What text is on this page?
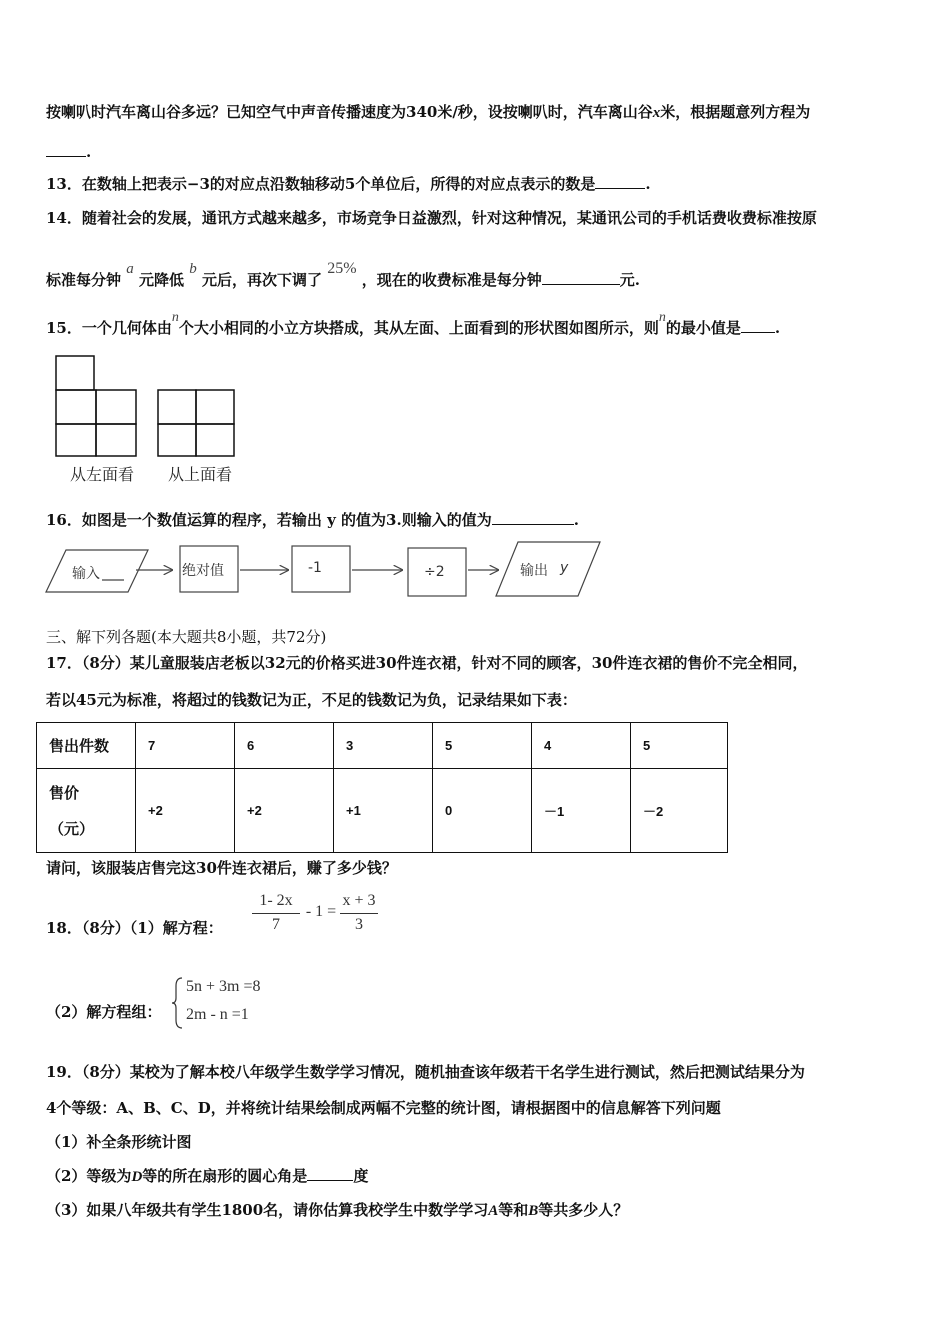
按喇叭时汽车离山谷多远？已知空气中声音传播速度为340米/秒，设按喇叭时，汽车离山谷x米，根据题意列方程为
.
13．在数轴上把表示−3的对应点沿数轴移动5个单位后，所得的对应点表示的数是	.
14．随着社会的发展，通讯方式越来越多，市场竞争日益激烈，针对这种情况，某通讯公司的手机话费收费标准按原
标准每分钟 a 元降低 b 元后，再次下调了 25% ，现在的收费标准是每分钟	元.
15．一个几何体由n个大小相同的小立方块搭成，其从左面、上面看到的形状图如图所示，则n的最小值是 .
从左面看 从上面看
16．如图是一个数值运算的程序，若输出 y 的值为3.则输入的值为	.
输入	绝对值	-1	÷2	输出 y
三、解下列各题(本大题共8小题，共72分)
17．（8分）某儿童服装店老板以32元的价格买进30件连衣裙，针对不同的顾客，30件连衣裙的售价不完全相同，
若以45元为标准，将超过的钱数记为正，不足的钱数记为负，记录结果如下表：
售出件数	7	6	3	5	4	5

售价
（元）	+2	+2	+1	0	－1	－2
请问，该服装店售完这30件连衣裙后，赚了多少钱？
18．（8分）（1）解方程：
1- 2x
7
- 1 =
x + 3
3
（2）解方程组：
5n + 3m =8
2m - n =1
19．（8分）某校为了解本校八年级学生数学学习情况，随机抽查该年级若干名学生进行测试，然后把测试结果分为
4个等级：A、B、C、D，并将统计结果绘制成两幅不完整的统计图，请根据图中的信息解答下列问题
（1）补全条形统计图
（2）等级为D等的所在扇形的圆心角是	度
（3）如果八年级共有学生1800名，请你估算我校学生中数学学习A等和B等共多少人？
